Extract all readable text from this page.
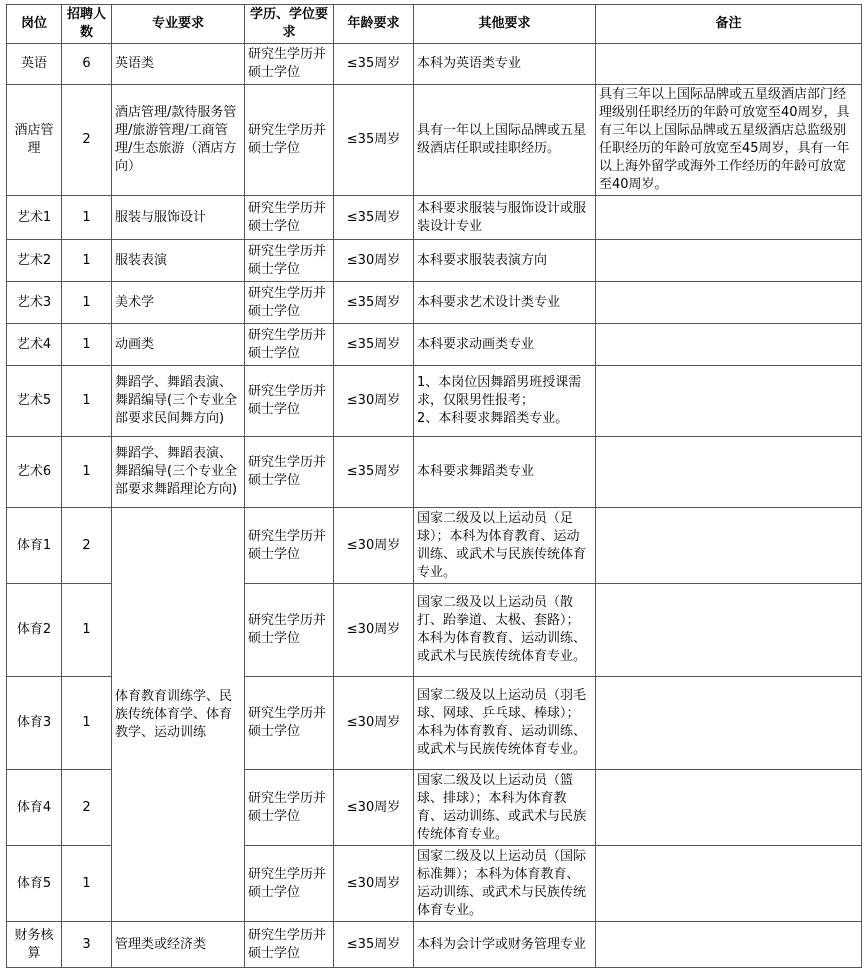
岗位	招聘人数	专业要求	学历、学位要求	年龄要求	其他要求	备注
英语	6	英语类	研究生学历并硕士学位	≤35周岁	本科为英语类专业	
酒店管理	2	酒店管理/款待服务管理/旅游管理/工商管理/生态旅游（酒店方向）	研究生学历并硕士学位	≤35周岁	具有一年以上国际品牌或五星级酒店任职或挂职经历。	具有三年以上国际品牌或五星级酒店部门经理级别任职经历的年龄可放宽至40周岁，具有三年以上国际品牌或五星级酒店总监级别任职经历的年龄可放宽至45周岁，具有一年以上海外留学或海外工作经历的年龄可放宽至40周岁。
艺术1	1	服装与服饰设计	研究生学历并硕士学位	≤35周岁	本科要求服装与服饰设计或服装设计专业	
艺术2	1	服装表演	研究生学历并硕士学位	≤30周岁	本科要求服装表演方向	
艺术3	1	美术学	研究生学历并硕士学位	≤35周岁	本科要求艺术设计类专业	
艺术4	1	动画类	研究生学历并硕士学位	≤35周岁	本科要求动画类专业	
艺术5	1	舞蹈学、舞蹈表演、舞蹈编导(三个专业全部要求民间舞方向)	研究生学历并硕士学位	≤30周岁	1、本岗位因舞蹈男班授课需求，仅限男性报考；
2、本科要求舞蹈类专业。	
艺术6	1	舞蹈学、舞蹈表演、舞蹈编导(三个专业全部要求舞蹈理论方向)	研究生学历并硕士学位	≤35周岁	本科要求舞蹈类专业	
体育1	2	体育教育训练学、民族传统体育学、体育教学、运动训练	研究生学历并硕士学位	≤30周岁	国家二级及以上运动员（足球）；本科为体育教育、运动训练、或武术与民族传统体育专业。	
体育2	1		研究生学历并硕士学位	≤30周岁	国家二级及以上运动员（散打、跆拳道、太极、套路）；本科为体育教育、运动训练、或武术与民族传统体育专业。	
体育3	1		研究生学历并硕士学位	≤30周岁	国家二级及以上运动员（羽毛球、网球、乒乓球、棒球）；本科为体育教育、运动训练、或武术与民族传统体育专业。	
体育4	2		研究生学历并硕士学位	≤30周岁	国家二级及以上运动员（篮球、排球）；本科为体育教育、运动训练、或武术与民族传统体育专业。	
体育5	1		研究生学历并硕士学位	≤30周岁	国家二级及以上运动员（国际标准舞）；本科为体育教育、运动训练、或武术与民族传统体育专业。	
财务核算	3	管理类或经济类	研究生学历并硕士学位	≤35周岁	本科为会计学或财务管理专业	
